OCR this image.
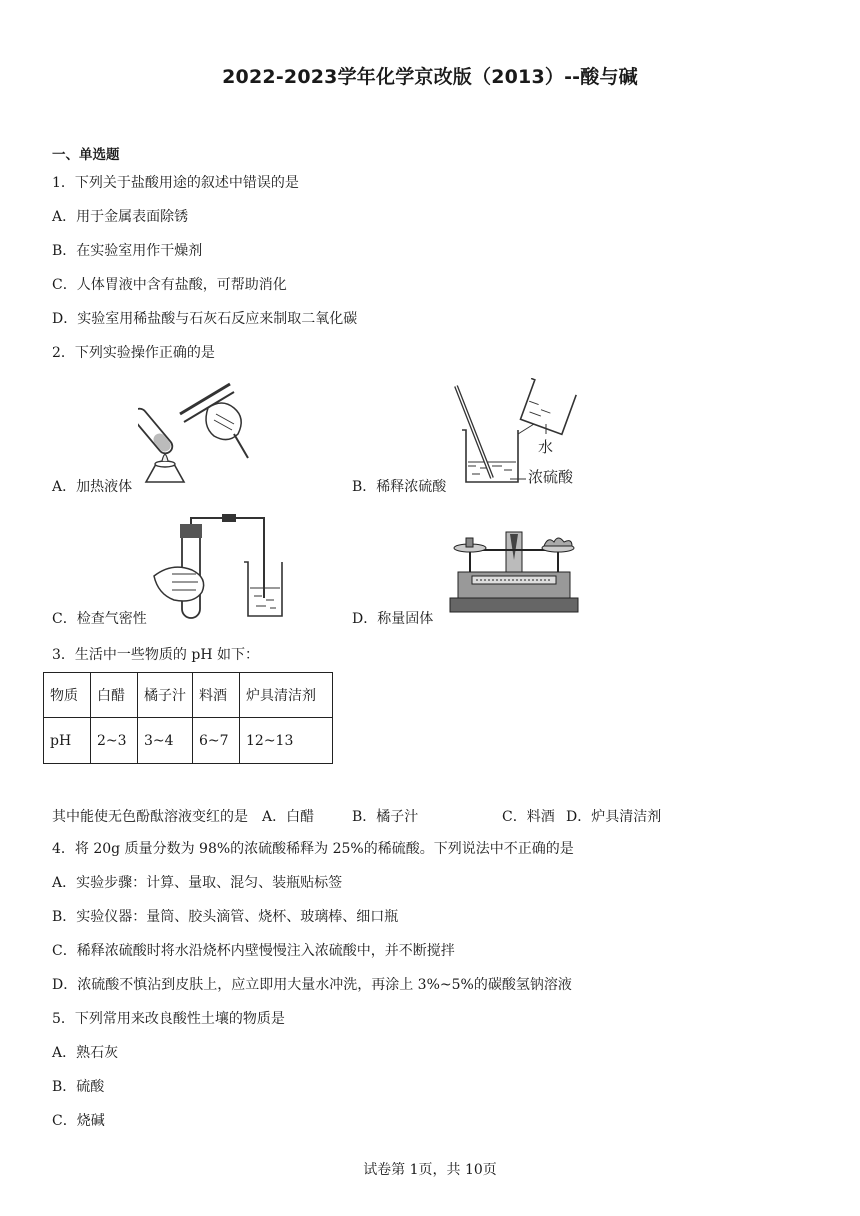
2022-2023学年化学京改版（2013）--酸与碱
一、单选题
1．下列关于盐酸用途的叙述中错误的是
A．用于金属表面除锈
B．在实验室用作干燥剂
C．人体胃液中含有盐酸，可帮助消化
D．实验室用稀盐酸与石灰石反应来制取二氧化碳
2．下列实验操作正确的是
A．加热液体
水
浓硫酸
B．稀释浓硫酸
C．检查气密性	D．称量固体
3．生活中一些物质的 pH 如下：
物质	白醋	橘子汁	料酒	炉具清洁剂
pH	2~3	3~4	6~7	12~13
其中能使无色酚酞溶液变红的是 A．白醋	B．橘子汁	C．料酒 D．炉具清洁剂
4．将 20g 质量分数为 98%的浓硫酸稀释为 25%的稀硫酸。下列说法中不正确的是
A．实验步骤：计算、量取、混匀、装瓶贴标签
B．实验仪器：量筒、胶头滴管、烧杯、玻璃棒、细口瓶
C．稀释浓硫酸时将水沿烧杯内壁慢慢注入浓硫酸中，并不断搅拌
D．浓硫酸不慎沾到皮肤上，应立即用大量水冲洗，再涂上 3%~5%的碳酸氢钠溶液
5．下列常用来改良酸性土壤的物质是
A．熟石灰
B．硫酸
C．烧碱
试卷第 1页，共 10页
